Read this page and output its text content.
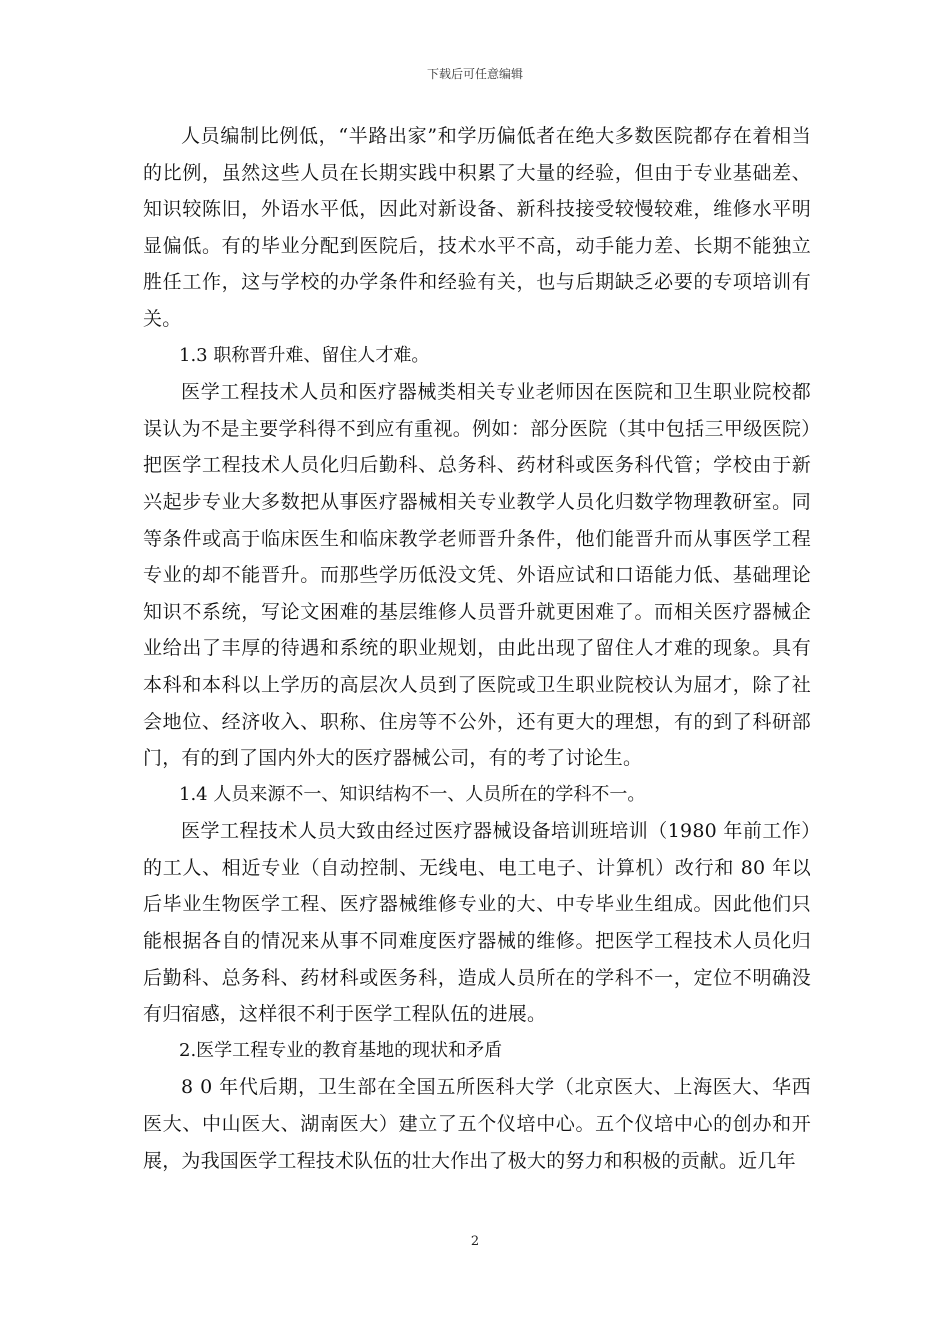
下载后可任意编辑

人员编制比例低，“半路出家”和学历偏低者在绝大多数医院都存在着相当的比例，虽然这些人员在长期实践中积累了大量的经验，但由于专业基础差、知识较陈旧，外语水平低，因此对新设备、新科技接受较慢较难，维修水平明显偏低。有的毕业分配到医院后，技术水平不高，动手能力差、长期不能独立胜任工作，这与学校的办学条件和经验有关，也与后期缺乏必要的专项培训有关。

1.3 职称晋升难、留住人才难。

医学工程技术人员和医疗器械类相关专业老师因在医院和卫生职业院校都误认为不是主要学科得不到应有重视。例如：部分医院（其中包括三甲级医院）把医学工程技术人员化归后勤科、总务科、药材科或医务科代管；学校由于新兴起步专业大多数把从事医疗器械相关专业教学人员化归数学物理教研室。同等条件或高于临床医生和临床教学老师晋升条件，他们能晋升而从事医学工程专业的却不能晋升。而那些学历低没文凭、外语应试和口语能力低、基础理论知识不系统，写论文困难的基层维修人员晋升就更困难了。而相关医疗器械企业给出了丰厚的待遇和系统的职业规划，由此出现了留住人才难的现象。具有本科和本科以上学历的高层次人员到了医院或卫生职业院校认为屈才，除了社会地位、经济收入、职称、住房等不公外，还有更大的理想，有的到了科研部门，有的到了国内外大的医疗器械公司，有的考了讨论生。

1.4 人员来源不一、知识结构不一、人员所在的学科不一。

医学工程技术人员大致由经过医疗器械设备培训班培训（1980 年前工作）的工人、相近专业（自动控制、无线电、电工电子、计算机）改行和 80 年以后毕业生物医学工程、医疗器械维修专业的大、中专毕业生组成。因此他们只能根据各自的情况来从事不同难度医疗器械的维修。把医学工程技术人员化归后勤科、总务科、药材科或医务科，造成人员所在的学科不一，定位不明确没有归宿感，这样很不利于医学工程队伍的进展。

2.医学工程专业的教育基地的现状和矛盾

8 0 年代后期，卫生部在全国五所医科大学（北京医大、上海医大、华西医大、中山医大、湖南医大）建立了五个仪培中心。五个仪培中心的创办和开展，为我国医学工程技术队伍的壮大作出了极大的努力和积极的贡献。近几年

2
